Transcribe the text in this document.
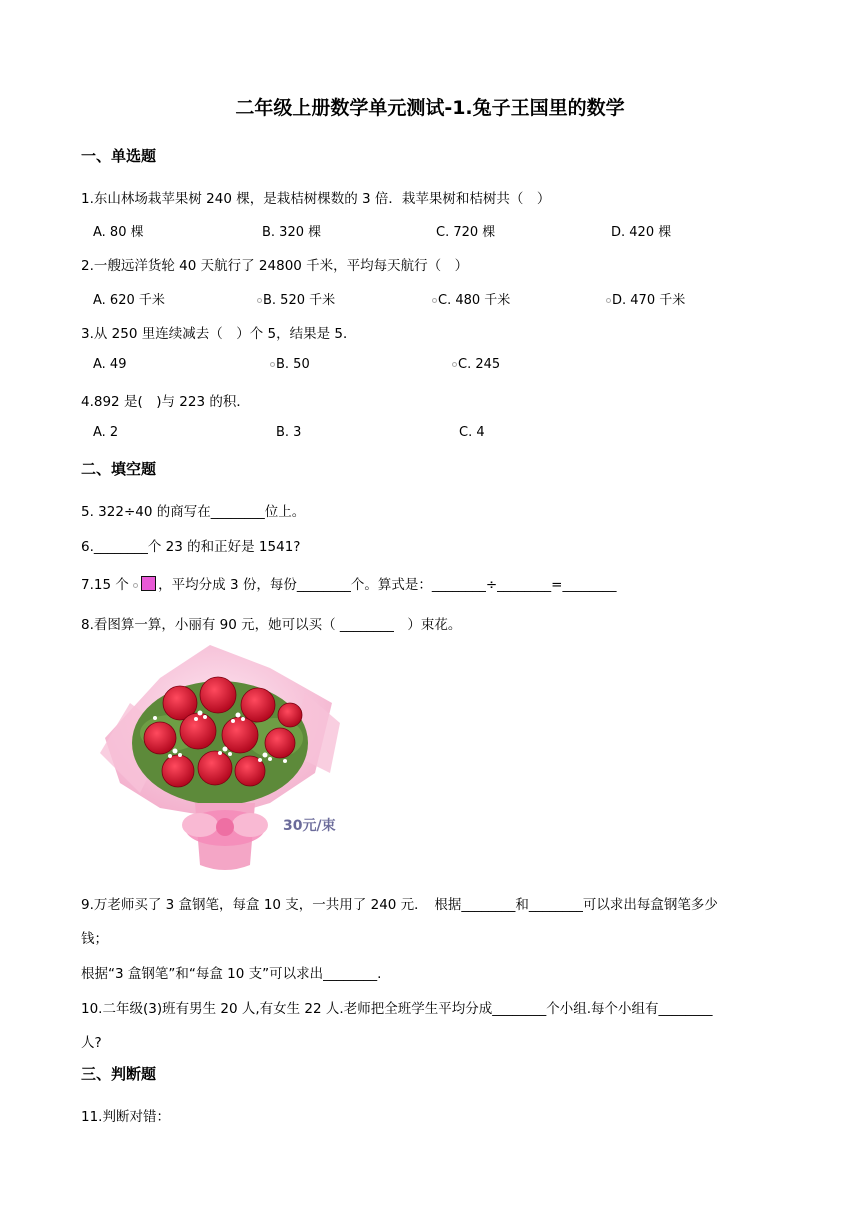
二年级上册数学单元测试-1.兔子王国里的数学
一、单选题
1.东山林场栽苹果树 240 棵，是栽桔树棵数的 3 倍．栽苹果树和桔树共（　）
A. 80 棵	B. 320 棵	C. 720 棵	D. 420 棵
2.一艘远洋货轮 40 天航行了 24800 千米，平均每天航行（　）
A. 620 千米	B. 520 千米	C. 480 千米	D. 470 千米
3.从 250 里连续减去（　）个 5，结果是 5．
A. 49	B. 50	C. 245
4.892 是(　)与 223 的积．
A. 2	B. 3	C. 4
二、填空题
5. 322÷40 的商写在________位上。
6.________个 23 的和正好是 1541?
7.15 个 ，平均分成 3 份，每份________个。算式是：________÷________=________
8.看图算一算，小丽有 90 元，她可以买（ ________　）束花。
30元/束
9.万老师买了 3 盒钢笔，每盒 10 支，一共用了 240 元．　根据________和________可以求出每盒钢笔多少
钱；
根据“3 盒钢笔”和“每盒 10 支”可以求出________.
10.二年级(3)班有男生 20 人,有女生 22 人.老师把全班学生平均分成________个小组.每个小组有________
人?
三、判断题
11.判断对错：
